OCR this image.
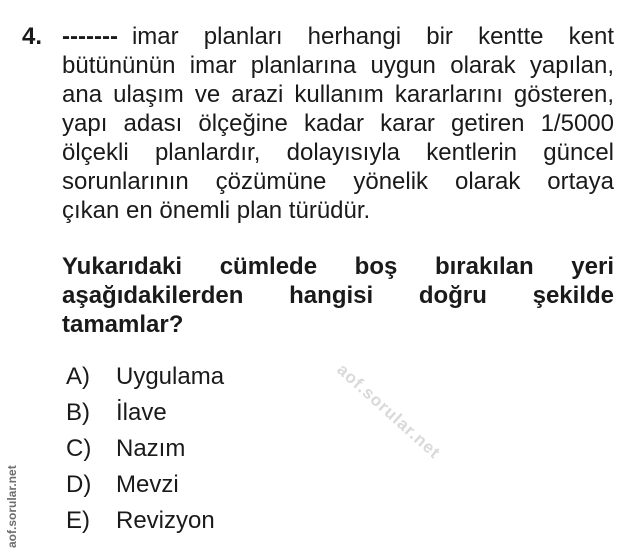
4. ------- imar planları herhangi bir kentte kent
bütününün imar planlarına uygun olarak yapılan,
ana ulaşım ve arazi kullanım kararlarını gösteren,
yapı adası ölçeğine kadar karar getiren 1/5000
ölçekli planlardır, dolayısıyla kentlerin güncel
sorunlarının çözümüne yönelik olarak ortaya
çıkan en önemli plan türüdür.
Yukarıdaki cümlede boş bırakılan yeri
aşağıdakilerden hangisi doğru şekilde
tamamlar?
A) Uygulama
B) İlave
C) Nazım
D) Mevzi
E) Revizyon
aof.sorular.net
aof.sorular.net
